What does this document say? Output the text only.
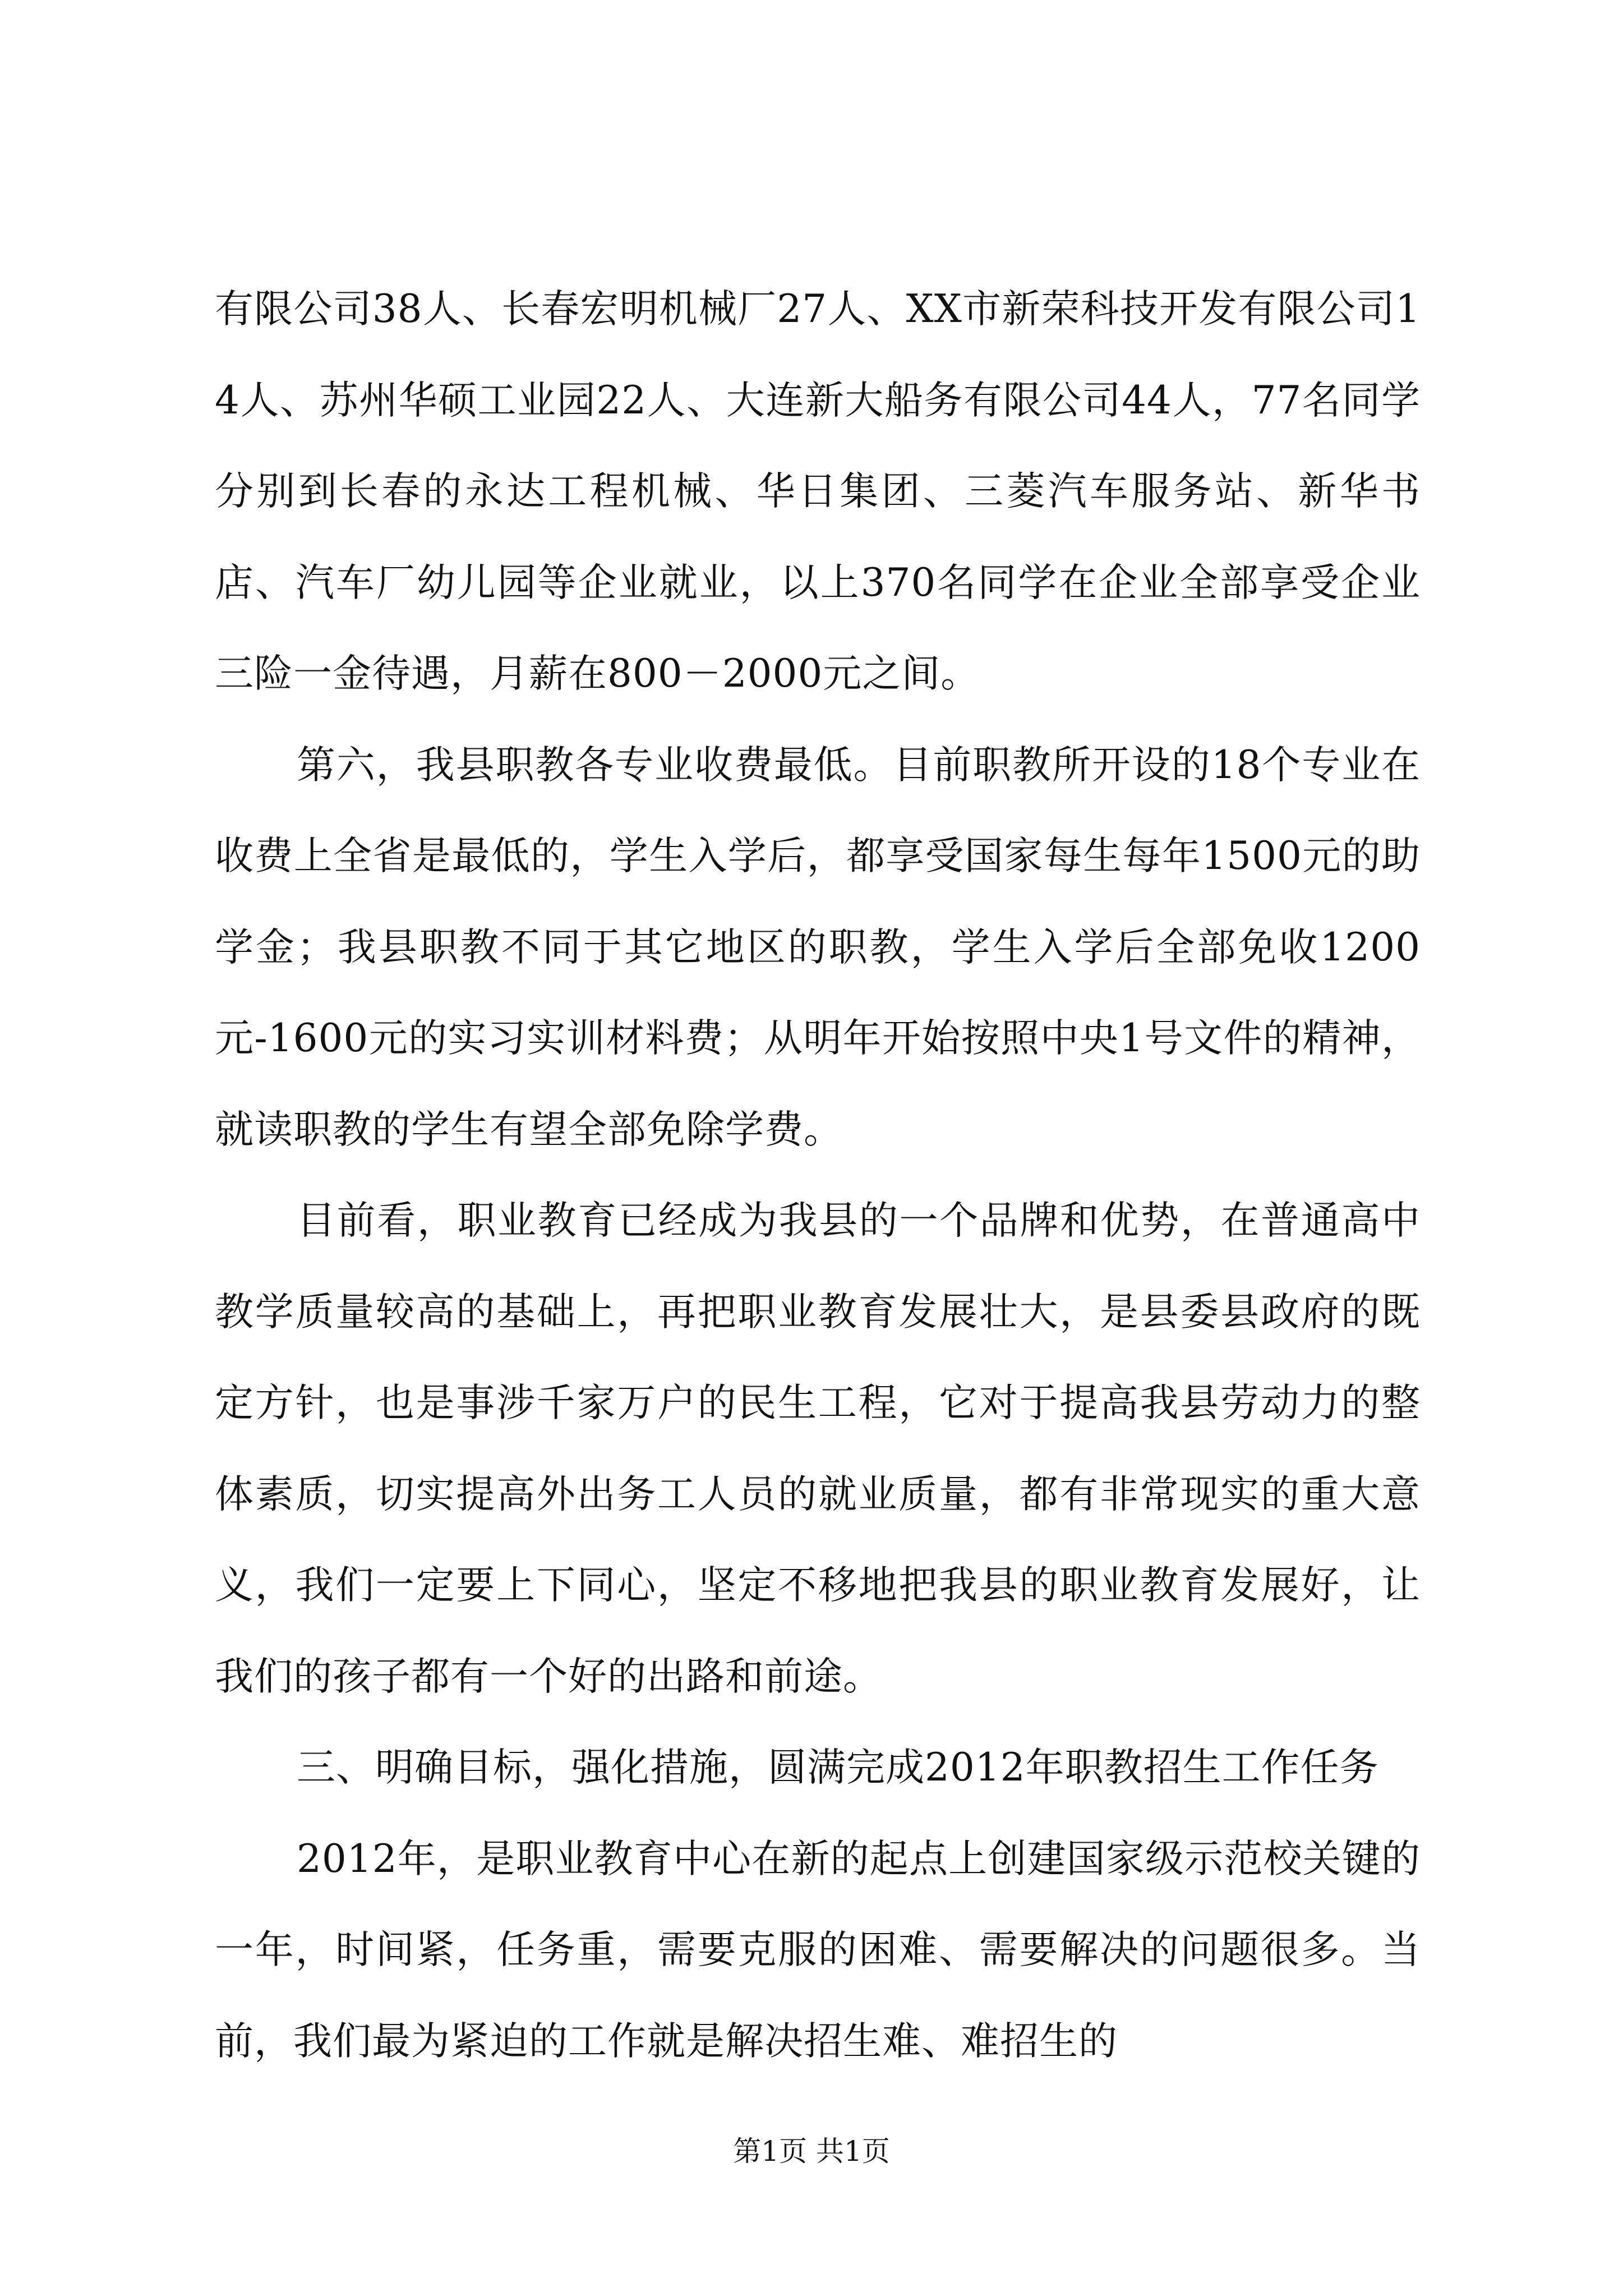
有限公司38人、长春宏明机械厂27人、XX市新荣科技开发有限公司14人、苏州华硕工业园22人、大连新大船务有限公司44人，77名同学分别到长春的永达工程机械、华日集团、三菱汽车服务站、新华书店、汽车厂幼儿园等企业就业，以上370名同学在企业全部享受企业三险一金待遇，月薪在800－2000元之间。

第六，我县职教各专业收费最低。目前职教所开设的18个专业在收费上全省是最低的，学生入学后，都享受国家每生每年1500元的助学金；我县职教不同于其它地区的职教，学生入学后全部免收1200元-1600元的实习实训材料费；从明年开始按照中央1号文件的精神，就读职教的学生有望全部免除学费。

目前看，职业教育已经成为我县的一个品牌和优势，在普通高中教学质量较高的基础上，再把职业教育发展壮大，是县委县政府的既定方针，也是事涉千家万户的民生工程，它对于提高我县劳动力的整体素质，切实提高外出务工人员的就业质量，都有非常现实的重大意义，我们一定要上下同心，坚定不移地把我县的职业教育发展好，让我们的孩子都有一个好的出路和前途。

三、明确目标，强化措施，圆满完成2012年职教招生工作任务

2012年，是职业教育中心在新的起点上创建国家级示范校关键的一年，时间紧，任务重，需要克服的困难、需要解决的问题很多。当前，我们最为紧迫的工作就是解决招生难、难招生的

第1页 共1页
